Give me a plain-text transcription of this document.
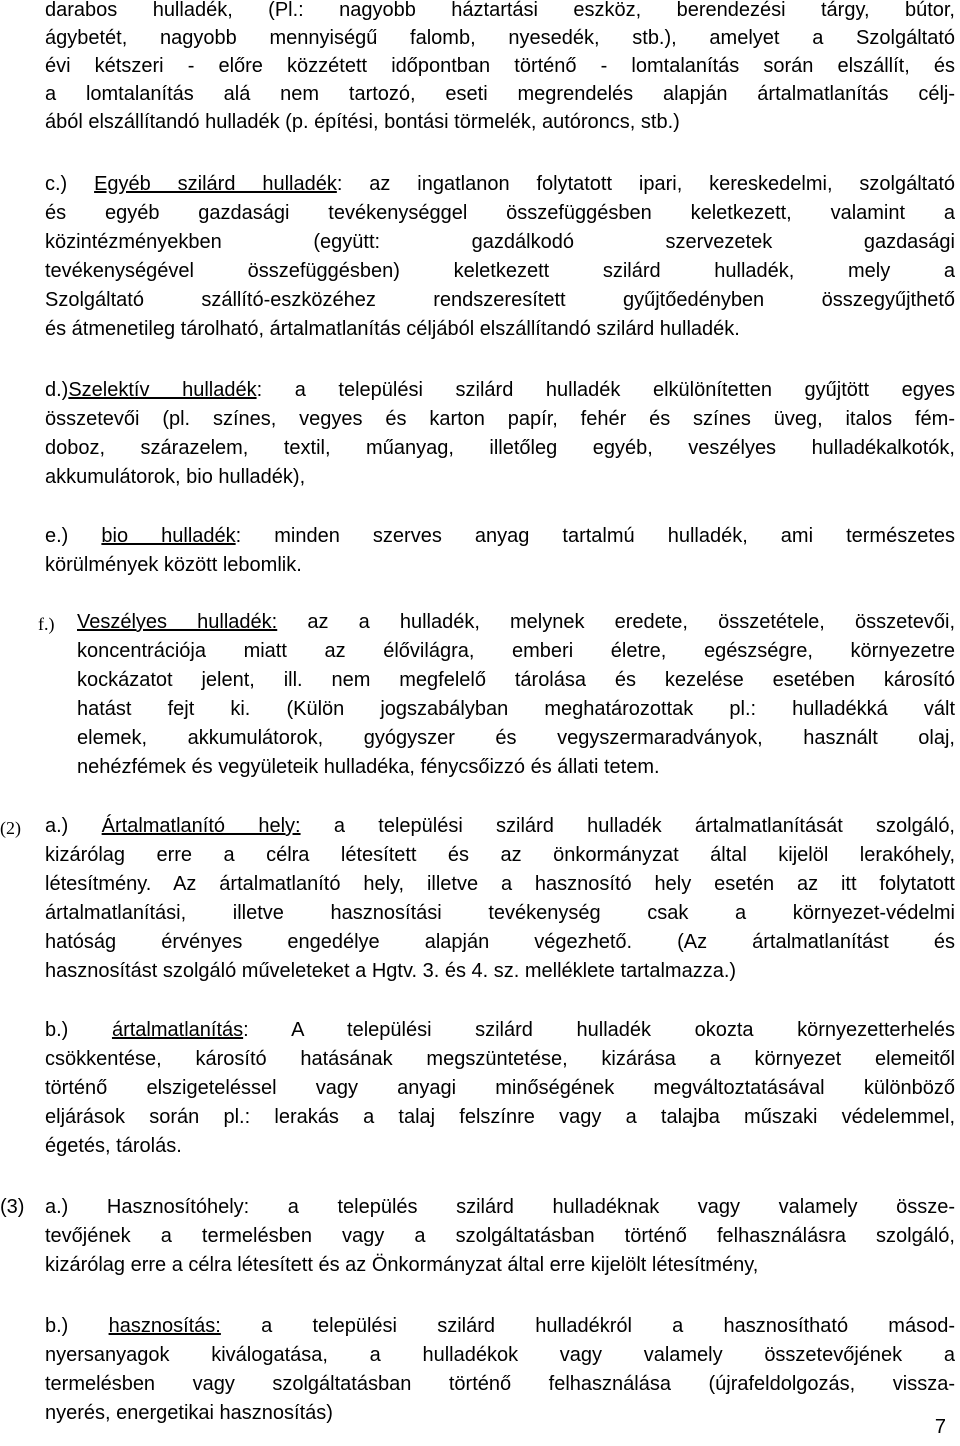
darabos hulladék, (Pl.: nagyobb háztartási eszköz, berendezési tárgy, bútor,
ágybetét, nagyobb mennyiségű falomb, nyesedék, stb.), amelyet a Szolgáltató
évi kétszeri - előre közzétett időpontban történő - lomtalanítás során elszállít, és
a lomtalanítás alá nem tartozó, eseti megrendelés alapján ártalmatlanítás célj-
ából elszállítandó hulladék (p. építési, bontási törmelék, autóroncs, stb.)
c.) Egyéb szilárd hulladék: az ingatlanon folytatott ipari, kereskedelmi, szolgáltató
és egyéb gazdasági tevékenységgel összefüggésben keletkezett, valamint a
közintézményekben (együtt: gazdálkodó szervezetek gazdasági
tevékenységével összefüggésben) keletkezett szilárd hulladék, mely a
Szolgáltató szállító-eszközéhez rendszeresített gyűjtőedényben összegyűjthető
és átmenetileg tárolható, ártalmatlanítás céljából elszállítandó szilárd hulladék.
d.)Szelektív hulladék: a települési szilárd hulladék elkülönítetten gyűjtött egyes
összetevői (pl. színes, vegyes és karton papír, fehér és színes üveg, italos fém-
doboz, szárazelem, textil, műanyag, illetőleg egyéb, veszélyes hulladékalkotók,
akkumulátorok, bio hulladék),
e.) bio hulladék: minden szerves anyag tartalmú hulladék, ami természetes
körülmények között lebomlik.
f.) Veszélyes hulladék: az a hulladék, melynek eredete, összetétele, összetevői,
koncentrációja miatt az élővilágra, emberi életre, egészségre, környezetre
kockázatot jelent, ill. nem megfelelő tárolása és kezelése esetében károsító
hatást fejt ki. (Külön jogszabályban meghatározottak pl.: hulladékká vált
elemek, akkumulátorok, gyógyszer és vegyszermaradványok, használt olaj,
nehézfémek és vegyületeik hulladéka, fénycsőizzó és állati tetem.
(2) a.) Ártalmatlanító hely: a települési szilárd hulladék ártalmatlanítását szolgáló,
kizárólag erre a célra létesített és az önkormányzat által kijelöl lerakóhely,
létesítmény. Az ártalmatlanító hely, illetve a hasznosító hely esetén az itt folytatott
ártalmatlanítási, illetve hasznosítási tevékenység csak a környezet-védelmi
hatóság érvényes engedélye alapján végezhető. (Az ártalmatlanítást és
hasznosítást szolgáló műveleteket a Hgtv. 3. és 4. sz. melléklete tartalmazza.)
b.) ártalmatlanítás: A települési szilárd hulladék okozta környezetterhelés
csökkentése, károsító hatásának megszüntetése, kizárása a környezet elemeitől
történő elszigeteléssel vagy anyagi minőségének megváltoztatásával különböző
eljárások során pl.: lerakás a talaj felszínre vagy a talajba műszaki védelemmel,
égetés, tárolás.
(3) a.) Hasznosítóhely: a település szilárd hulladéknak vagy valamely össze-
tevőjének a termelésben vagy a szolgáltatásban történő felhasználásra szolgáló,
kizárólag erre a célra létesített és az Önkormányzat által erre kijelölt létesítmény,
b.) hasznosítás: a települési szilárd hulladékról a hasznosítható másod-
nyersanyagok kiválogatása, a hulladékok vagy valamely összetevőjének a
termelésben vagy szolgáltatásban történő felhasználása (újrafeldolgozás, vissza-
nyerés, energetikai hasznosítás)
7
